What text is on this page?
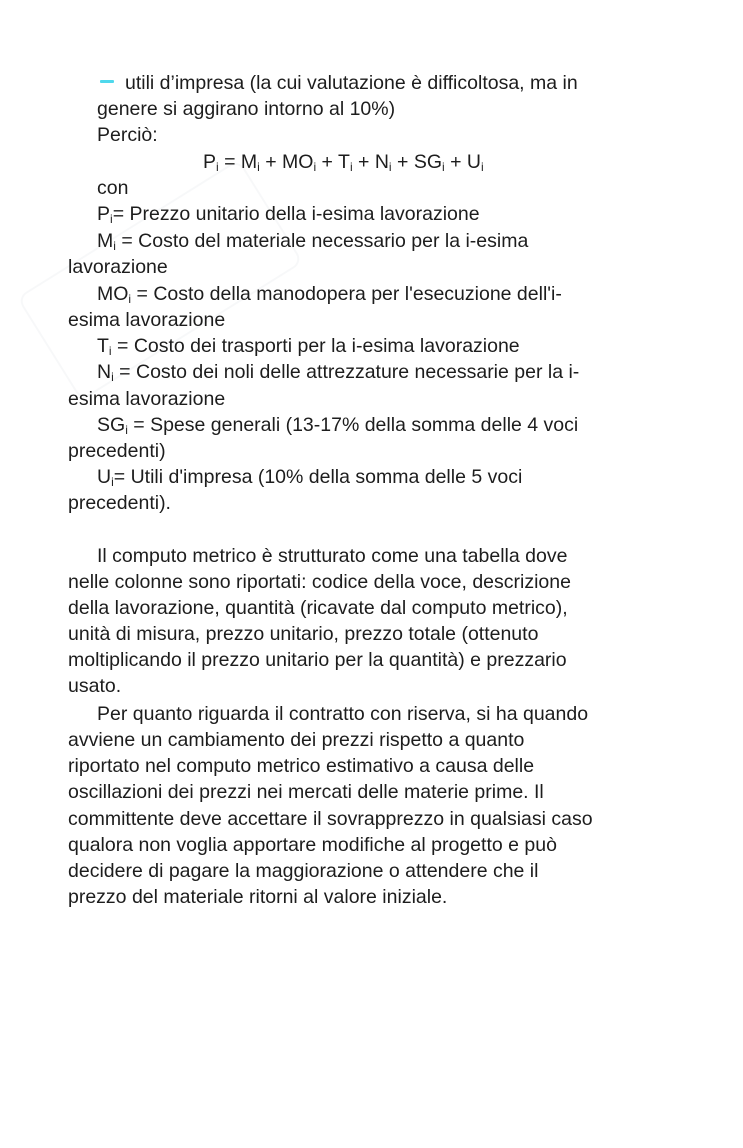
utili d’impresa (la cui valutazione è difficoltosa, ma in
genere si aggirano intorno al 10%)
Perciò:
$P_i = M_i + MO_i + T_i + N_i + SG_i + U_i$
con
$P_i=$ Prezzo unitario della i-esima lavorazione
$M_i$ = Costo del materiale necessario per la i-esima
lavorazione
$MO_i$ = Costo della manodopera per l'esecuzione dell'i-
esima lavorazione
$T_i$ = Costo dei trasporti per la i-esima lavorazione
$N_i$ = Costo dei noli delle attrezzature necessarie per la i-
esima lavorazione
$SG_i$ = Spese generali (13-17% della somma delle 4 voci
precedenti)
$U_i=$ Utili d'impresa (10% della somma delle 5 voci
precedenti).
Il computo metrico è strutturato come una tabella dove
nelle colonne sono riportati: codice della voce, descrizione
della lavorazione, quantità (ricavate dal computo metrico),
unità di misura, prezzo unitario, prezzo totale (ottenuto
moltiplicando il prezzo unitario per la quantità) e prezzario
usato.
Per quanto riguarda il contratto con riserva, si ha quando
avviene un cambiamento dei prezzi rispetto a quanto
riportato nel computo metrico estimativo a causa delle
oscillazioni dei prezzi nei mercati delle materie prime. Il
committente deve accettare il sovrapprezzo in qualsiasi caso
qualora non voglia apportare modifiche al progetto e può
decidere di pagare la maggiorazione o attendere che il
prezzo del materiale ritorni al valore iniziale.
